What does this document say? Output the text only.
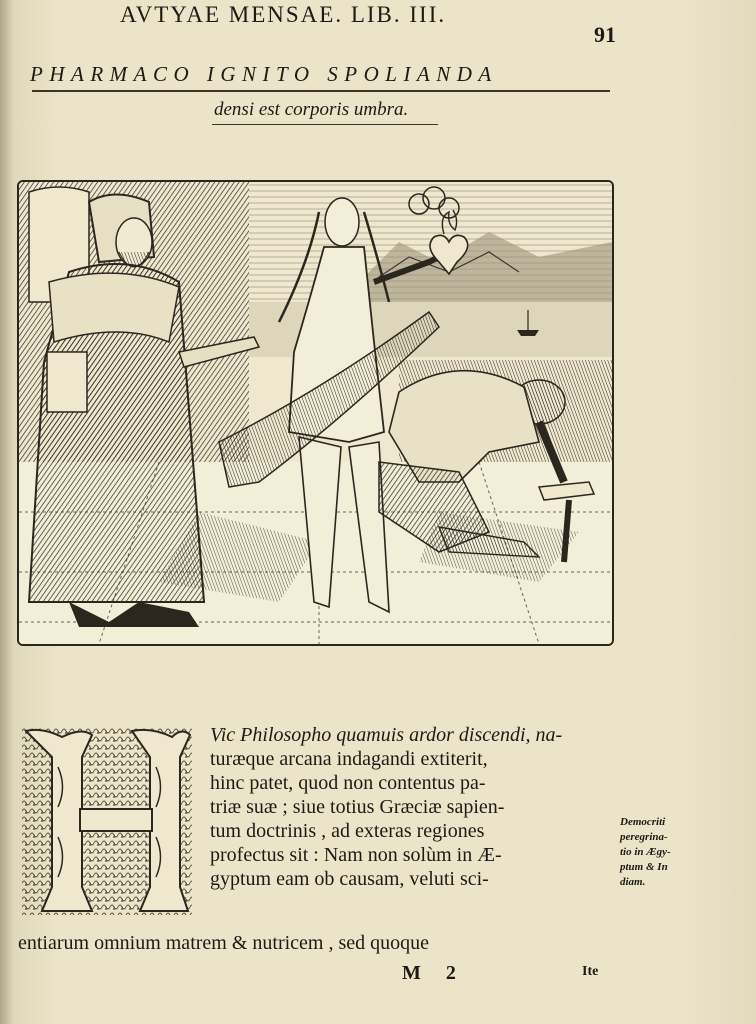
AVTYAE MENSAE. LIB. III.
91
PHARMACO IGNITO SPOLIANDA
densi est corporis umbra.
Vic Philosopho quamuis ardor discendi, na-
turæque arcana indagandi extiterit,
hinc patet, quod non contentus pa-
triæ suæ ; siue totius Græciæ sapien-
tum doctrinis , ad exteras regiones
profectus sit : Nam non solùm in Æ-
gyptum eam ob causam, veluti sci-
entiarum omnium matrem & nutricem , sed quoque
Democriti
peregrina-
tio in Ægy-
ptum & In
diam.
M 2	Ite
